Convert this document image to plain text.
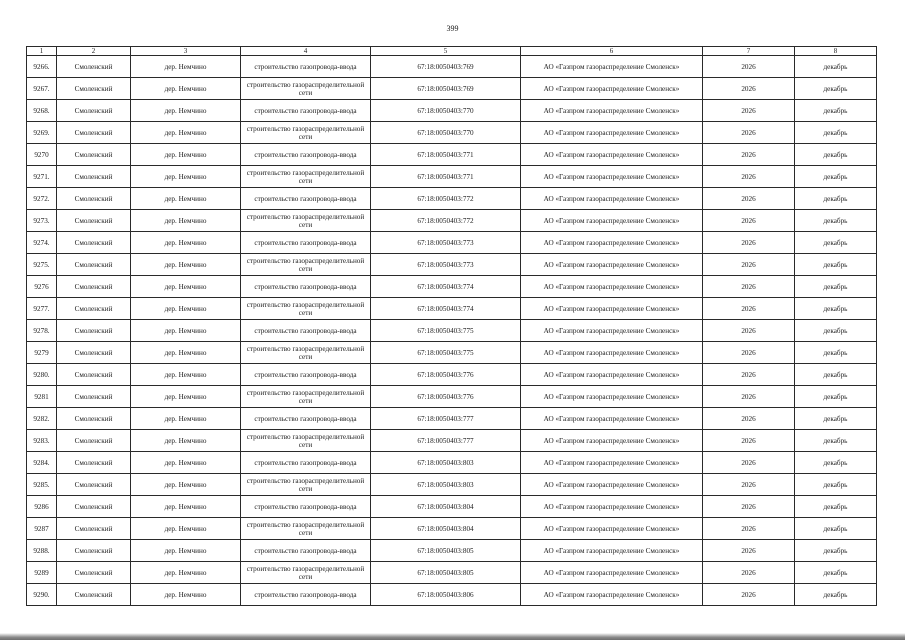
399
1	2	3	4	5	6	7	8
9266.	Смоленский	дер. Немчино	строительство газопровода-ввода	67:18:0050403:769	АО «Газпром газораспределение Смоленск»	2026	декабрь
9267.	Смоленский	дер. Немчино	строительство газораспределительной сети	67:18:0050403:769	АО «Газпром газораспределение Смоленск»	2026	декабрь
9268.	Смоленский	дер. Немчино	строительство газопровода-ввода	67:18:0050403:770	АО «Газпром газораспределение Смоленск»	2026	декабрь
9269.	Смоленский	дер. Немчино	строительство газораспределительной сети	67:18:0050403:770	АО «Газпром газораспределение Смоленск»	2026	декабрь
9270	Смоленский	дер. Немчино	строительство газопровода-ввода	67:18:0050403:771	АО «Газпром газораспределение Смоленск»	2026	декабрь
9271.	Смоленский	дер. Немчино	строительство газораспределительной сети	67:18:0050403:771	АО «Газпром газораспределение Смоленск»	2026	декабрь
9272.	Смоленский	дер. Немчино	строительство газопровода-ввода	67:18:0050403:772	АО «Газпром газораспределение Смоленск»	2026	декабрь
9273.	Смоленский	дер. Немчино	строительство газораспределительной сети	67:18:0050403:772	АО «Газпром газораспределение Смоленск»	2026	декабрь
9274.	Смоленский	дер. Немчино	строительство газопровода-ввода	67:18:0050403:773	АО «Газпром газораспределение Смоленск»	2026	декабрь
9275.	Смоленский	дер. Немчино	строительство газораспределительной сети	67:18:0050403:773	АО «Газпром газораспределение Смоленск»	2026	декабрь
9276	Смоленский	дер. Немчино	строительство газопровода-ввода	67:18:0050403:774	АО «Газпром газораспределение Смоленск»	2026	декабрь
9277.	Смоленский	дер. Немчино	строительство газораспределительной сети	67:18:0050403:774	АО «Газпром газораспределение Смоленск»	2026	декабрь
9278.	Смоленский	дер. Немчино	строительство газопровода-ввода	67:18:0050403:775	АО «Газпром газораспределение Смоленск»	2026	декабрь
9279	Смоленский	дер. Немчино	строительство газораспределительной сети	67:18:0050403:775	АО «Газпром газораспределение Смоленск»	2026	декабрь
9280.	Смоленский	дер. Немчино	строительство газопровода-ввода	67:18:0050403:776	АО «Газпром газораспределение Смоленск»	2026	декабрь
9281	Смоленский	дер. Немчино	строительство газораспределительной сети	67:18:0050403:776	АО «Газпром газораспределение Смоленск»	2026	декабрь
9282.	Смоленский	дер. Немчино	строительство газопровода-ввода	67:18:0050403:777	АО «Газпром газораспределение Смоленск»	2026	декабрь
9283.	Смоленский	дер. Немчино	строительство газораспределительной сети	67:18:0050403:777	АО «Газпром газораспределение Смоленск»	2026	декабрь
9284.	Смоленский	дер. Немчино	строительство газопровода-ввода	67:18:0050403:803	АО «Газпром газораспределение Смоленск»	2026	декабрь
9285.	Смоленский	дер. Немчино	строительство газораспределительной сети	67:18:0050403:803	АО «Газпром газораспределение Смоленск»	2026	декабрь
9286	Смоленский	дер. Немчино	строительство газопровода-ввода	67:18:0050403:804	АО «Газпром газораспределение Смоленск»	2026	декабрь
9287	Смоленский	дер. Немчино	строительство газораспределительной сети	67:18:0050403:804	АО «Газпром газораспределение Смоленск»	2026	декабрь
9288.	Смоленский	дер. Немчино	строительство газопровода-ввода	67:18:0050403:805	АО «Газпром газораспределение Смоленск»	2026	декабрь
9289	Смоленский	дер. Немчино	строительство газораспределительной сети	67:18:0050403:805	АО «Газпром газораспределение Смоленск»	2026	декабрь
9290.	Смоленский	дер. Немчино	строительство газопровода-ввода	67:18:0050403:806	АО «Газпром газораспределение Смоленск»	2026	декабрь
